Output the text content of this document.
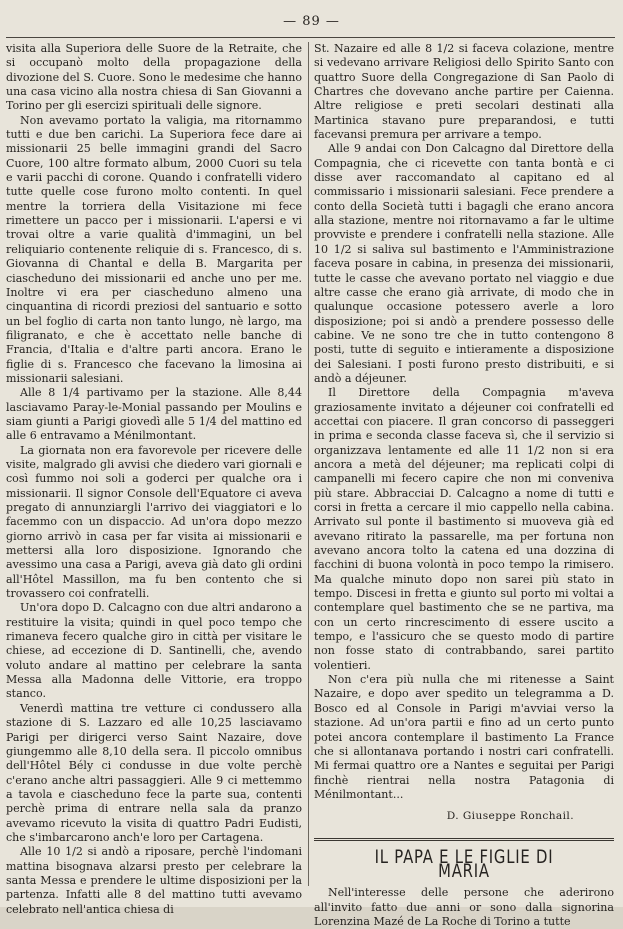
— 89 —

visita alla Superiora delle Suore de la Retraite, che si occupanò molto della propagazione della divozione del S. Cuore. Sono le medesime che hanno una casa vicino alla nostra chiesa di San Giovanni a Torino per gli esercizi spirituali delle signore.

Non avevamo portato la valigia, ma ritornammo tutti e due ben carichi. La Superiora fece dare ai missionarii 25 belle immagini grandi del Sacro Cuore, 100 altre formato album, 2000 Cuori su tela e varii pacchi di corone. Quando i confratelli videro tutte quelle cose furono molto contenti. In quel mentre la torriera della Visitazione mi fece rimettere un pacco per i missionarii. L'apersi e vi trovai oltre a varie qualità d'immagini, un bel reliquiario contenente reliquie di s. Francesco, di s. Giovanna di Chantal e della B. Margarita per ciascheduno dei missionarii ed anche uno per me. Inoltre vi era per ciascheduno almeno una cinquantina di ricordi preziosi del santuario e sotto un bel foglio di carta non tanto lungo, nè largo, ma filigranato, e che è accettato nelle banche di Francia, d'Italia e d'altre parti ancora. Erano le figlie di s. Francesco che facevano la limosina ai missionarii salesiani.

Alle 8 1/4 partivamo per la stazione. Alle 8,44 lasciavamo Paray-le-Monial passando per Moulins e siam giunti a Parigi giovedì alle 5 1/4 del mattino ed alle 6 entravamo a Ménilmontant.

La giornata non era favorevole per ricevere delle visite, malgrado gli avvisi che diedero vari giornali e così fummo noi soli a goderci per qualche ora i missionarii. Il signor Console dell'Equatore ci aveva pregato di annunziargli l'arrivo dei viaggiatori e lo facemmo con un dispaccio. Ad un'ora dopo mezzo giorno arrivò in casa per far visita ai missionarii e mettersi alla loro disposizione. Ignorando che avessimo una casa a Parigi, aveva già dato gli ordini all'Hôtel Massillon, ma fu ben contento che si trovassero coi confratelli.

Un'ora dopo D. Calcagno con due altri andarono a restituire la visita; quindi in quel poco tempo che rimaneva fecero qualche giro in città per visitare le chiese, ad eccezione di D. Santinelli, che, avendo voluto andare al mattino per celebrare la santa Messa alla Madonna delle Vittorie, era troppo stanco.

Venerdì mattina tre vetture ci condussero alla stazione di S. Lazzaro ed alle 10,25 lasciavamo Parigi per dirigerci verso Saint Nazaire, dove giungemmo alle 8,10 della sera. Il piccolo omnibus dell'Hôtel Bély ci condusse in due volte perchè c'erano anche altri passaggieri. Alle 9 ci mettemmo a tavola e ciascheduno fece la parte sua, contenti perchè prima di entrare nella sala da pranzo avevamo ricevuto la visita di quattro Padri Eudisti, che s'imbarcarono anch'e loro per Cartagena.

Alle 10 1/2 si andò a riposare, perchè l'indomani mattina bisognava alzarsi presto per celebrare la santa Messa e prendere le ultime disposizioni per la partenza. Infatti alle 8 del mattino tutti avevamo celebrato nell'antica chiesa di

St. Nazaire ed alle 8 1/2 si faceva colazione, mentre si vedevano arrivare Religiosi dello Spirito Santo con quattro Suore della Congregazione di San Paolo di Chartres che dovevano anche partire per Caienna. Altre religiose e preti secolari destinati alla Martinica stavano pure preparandosi, e tutti facevansi premura per arrivare a tempo.

Alle 9 andai con Don Calcagno dal Direttore della Compagnia, che ci ricevette con tanta bontà e ci disse aver raccomandato al capitano ed al commissario i missionarii salesiani. Fece prendere a conto della Società tutti i bagagli che erano ancora alla stazione, mentre noi ritornavamo a far le ultime provviste e prendere i confratelli nella stazione. Alle 10 1/2 si saliva sul bastimento e l'Amministrazione faceva posare in cabina, in presenza dei missionarii, tutte le casse che avevano portato nel viaggio e due altre casse che erano già arrivate, di modo che in qualunque occasione potessero averle a loro disposizione; poi si andò a prendere possesso delle cabine. Ve ne sono tre che in tutto contengono 8 posti, tutte di seguito e intieramente a disposizione dei Salesiani. I posti furono presto distribuiti, e si andò a déjeuner.

Il Direttore della Compagnia m'aveva graziosamente invitato a déjeuner coi confratelli ed accettai con piacere. Il gran concorso di passeggeri in prima e seconda classe faceva sì, che il servizio si organizzava lentamente ed alle 11 1/2 non si era ancora a metà del déjeuner; ma replicati colpi di campanelli mi fecero capire che non mi conveniva più stare. Abbracciai D. Calcagno a nome di tutti e corsi in fretta a cercare il mio cappello nella cabina. Arrivato sul ponte il bastimento si muoveva già ed avevano ritirato la passarelle, ma per fortuna non avevano ancora tolto la catena ed una dozzina di facchini di buona volontà in poco tempo la rimisero. Ma qualche minuto dopo non sarei più stato in tempo. Discesi in fretta e giunto sul porto mi voltai a contemplare quel bastimento che se ne partiva, ma con un certo rincrescimento di essere uscito a tempo, e l'assicuro che se questo modo di partire non fosse stato di contrabbando, sarei partito volentieri.

Non c'era più nulla che mi ritenesse a Saint Nazaire, e dopo aver spedito un telegramma a D. Bosco ed al Console in Parigi m'avviai verso la stazione. Ad un'ora partii e fino ad un certo punto potei ancora contemplare il bastimento La France che si allontanava portando i nostri cari confratelli. Mi fermai quattro ore a Nantes e seguitai per Parigi finchè rientrai nella nostra Patagonia di Ménilmontant...

D. Giuseppe Ronchail.

IL PAPA E LE FIGLIE DI MARIA

Nell'interesse delle persone che aderirono all'invito fatto due anni or sono dalla signorina Lorenzina Mazé de La Roche di Torino a tutte
